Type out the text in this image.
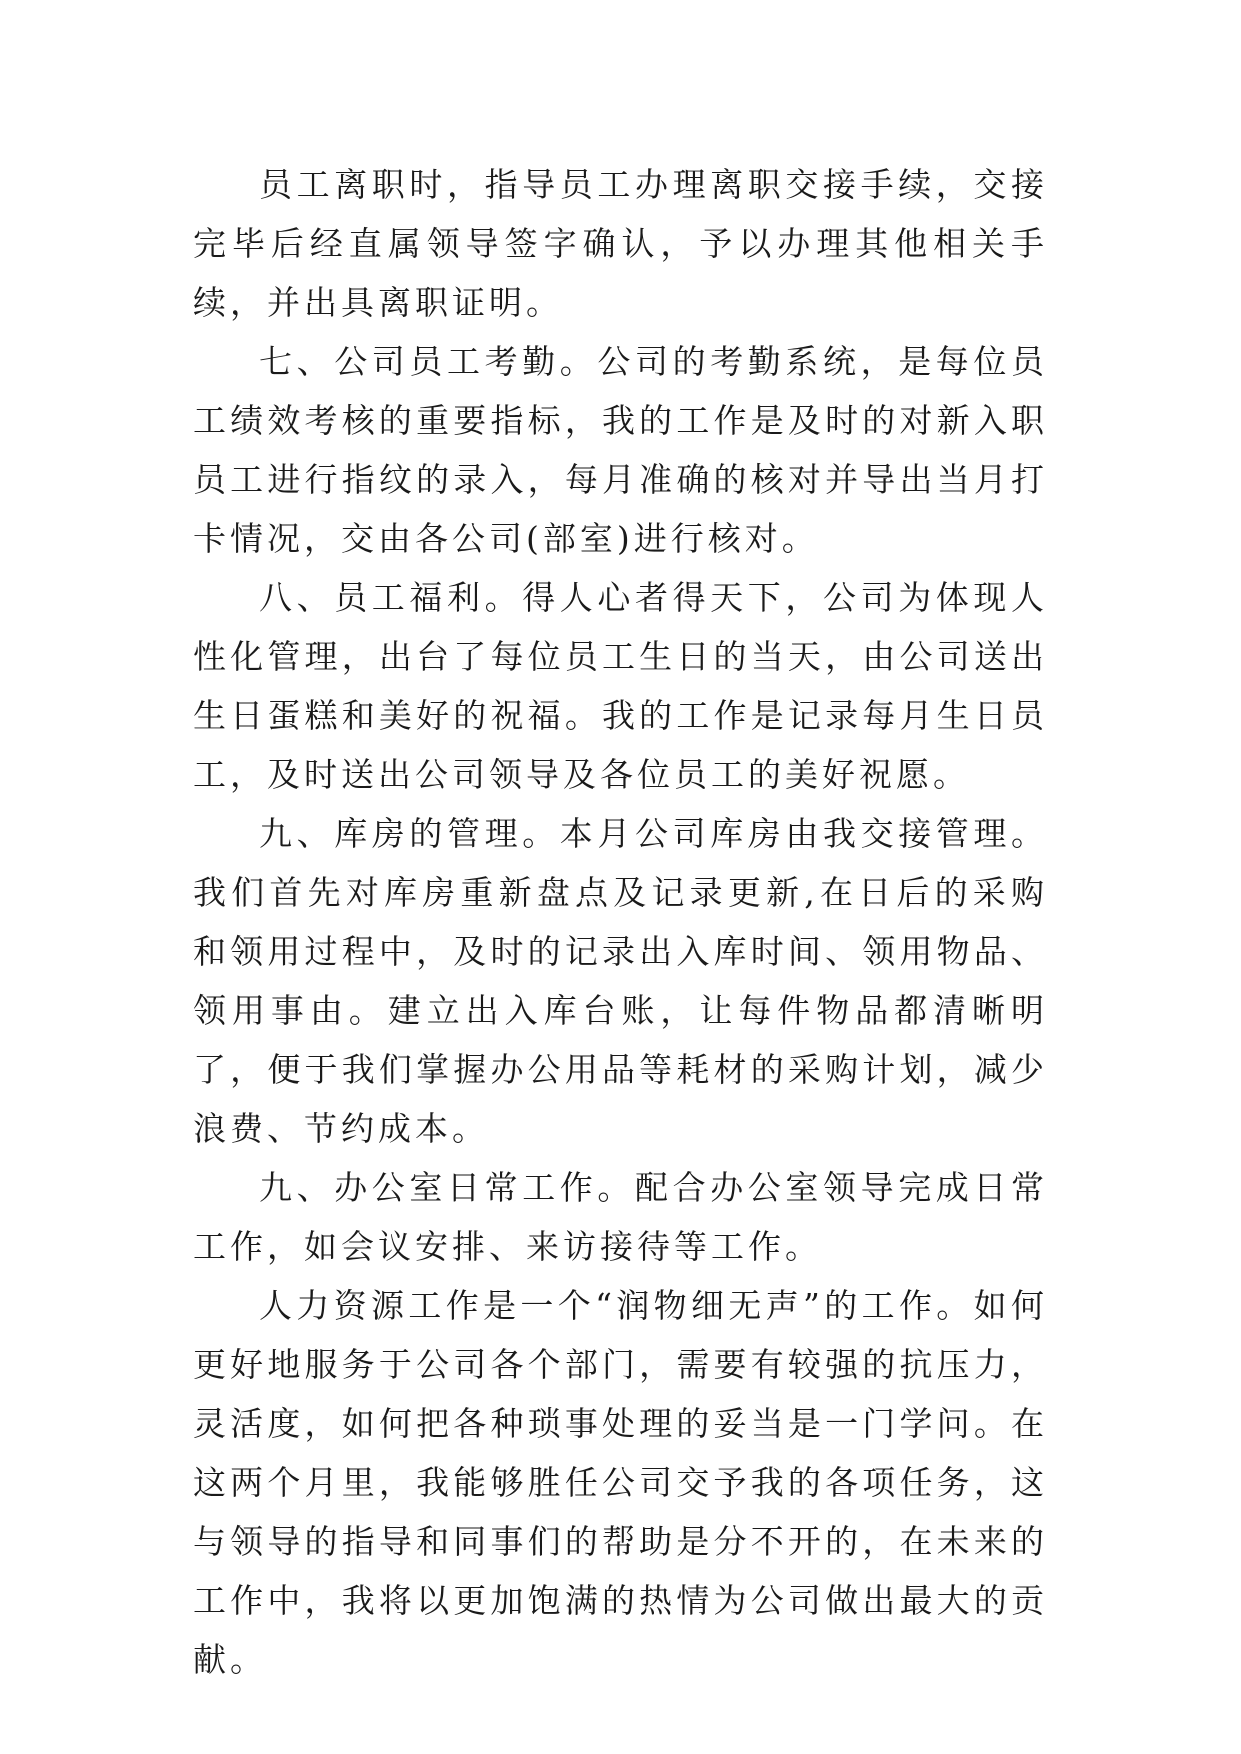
员工离职时，指导员工办理离职交接手续，交接完毕后经直属领导签字确认，予以办理其他相关手续，并出具离职证明。

七、公司员工考勤。公司的考勤系统，是每位员工绩效考核的重要指标，我的工作是及时的对新入职员工进行指纹的录入，每月准确的核对并导出当月打卡情况，交由各公司(部室)进行核对。

八、员工福利。得人心者得天下，公司为体现人性化管理，出台了每位员工生日的当天，由公司送出生日蛋糕和美好的祝福。我的工作是记录每月生日员工，及时送出公司领导及各位员工的美好祝愿。

九、库房的管理。本月公司库房由我交接管理。我们首先对库房重新盘点及记录更新,在日后的采购和领用过程中，及时的记录出入库时间、领用物品、领用事由。建立出入库台账，让每件物品都清晰明了，便于我们掌握办公用品等耗材的采购计划，减少浪费、节约成本。

九、办公室日常工作。配合办公室领导完成日常工作，如会议安排、来访接待等工作。

人力资源工作是一个“润物细无声”的工作。如何更好地服务于公司各个部门，需要有较强的抗压力，灵活度，如何把各种琐事处理的妥当是一门学问。在这两个月里，我能够胜任公司交予我的各项任务，这与领导的指导和同事们的帮助是分不开的，在未来的工作中，我将以更加饱满的热情为公司做出最大的贡献。
